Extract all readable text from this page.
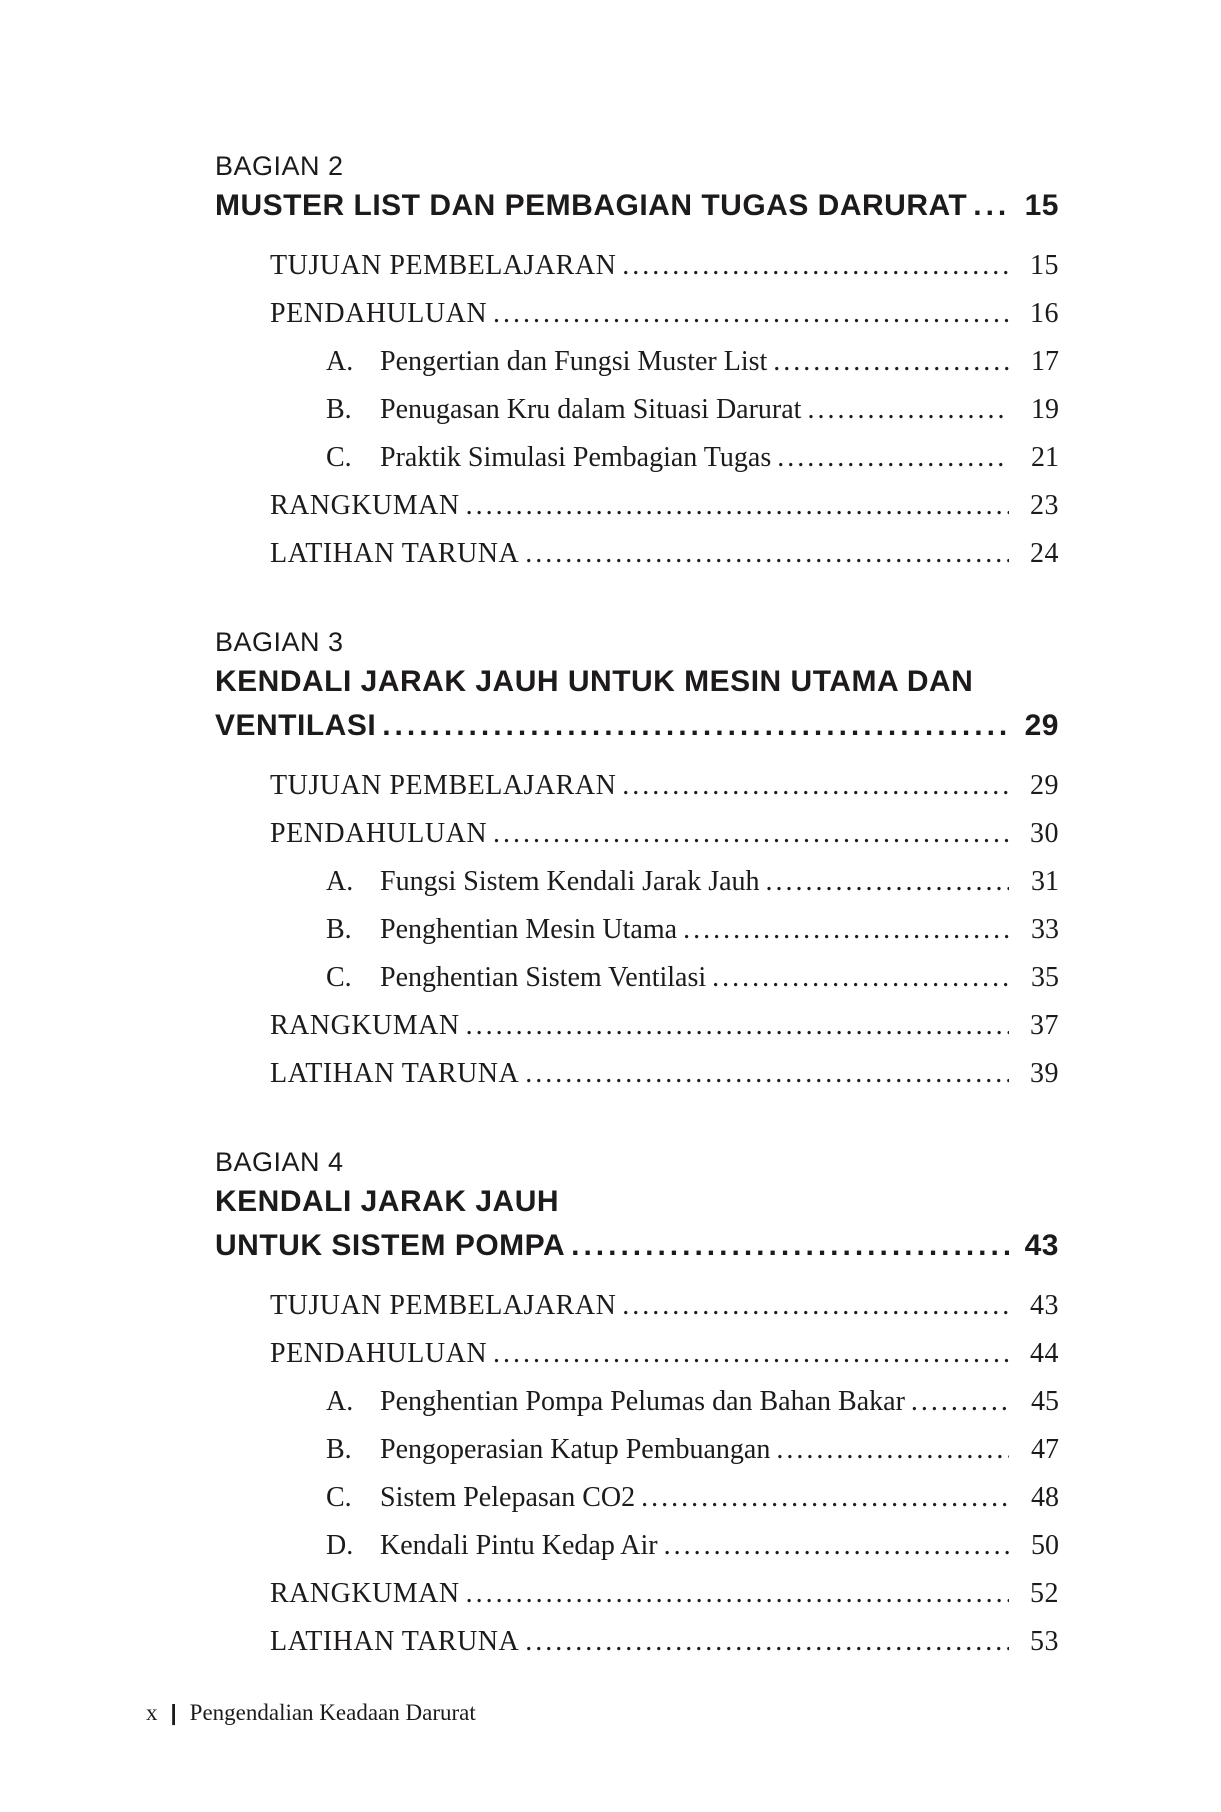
BAGIAN 2
MUSTER LIST DAN PEMBAGIAN TUGAS DARURAT .....	15
TUJUAN PEMBELAJARAN .....	15
PENDAHULUAN .....	16
A. Pengertian dan Fungsi Muster List .....	17
B.	Penugasan Kru dalam Situasi Darurat .....	19
C.	Praktik Simulasi Pembagian Tugas .....	21
RANGKUMAN .....	23
LATIHAN TARUNA .....	24
BAGIAN 3
KENDALI JARAK JAUH UNTUK MESIN UTAMA DAN
VENTILASI .....	29
TUJUAN PEMBELAJARAN .....	29
PENDAHULUAN .....	30
A. Fungsi Sistem Kendali Jarak Jauh .....	31
B.	Penghentian Mesin Utama .....	33
C.	Penghentian Sistem Ventilasi .....	35
RANGKUMAN .....	37
LATIHAN TARUNA .....	39
BAGIAN 4
KENDALI JARAK JAUH
UNTUK SISTEM POMPA .....	43
TUJUAN PEMBELAJARAN .....	43
PENDAHULUAN .....	44
A. Penghentian Pompa Pelumas dan Bahan Bakar .....	45
B.	Pengoperasian Katup Pembuangan .....	47
C.	Sistem Pelepasan CO2 .....	48
D. Kendali Pintu Kedap Air .....	50
RANGKUMAN .....	52
LATIHAN TARUNA .....	53
x | Pengendalian Keadaan Darurat
